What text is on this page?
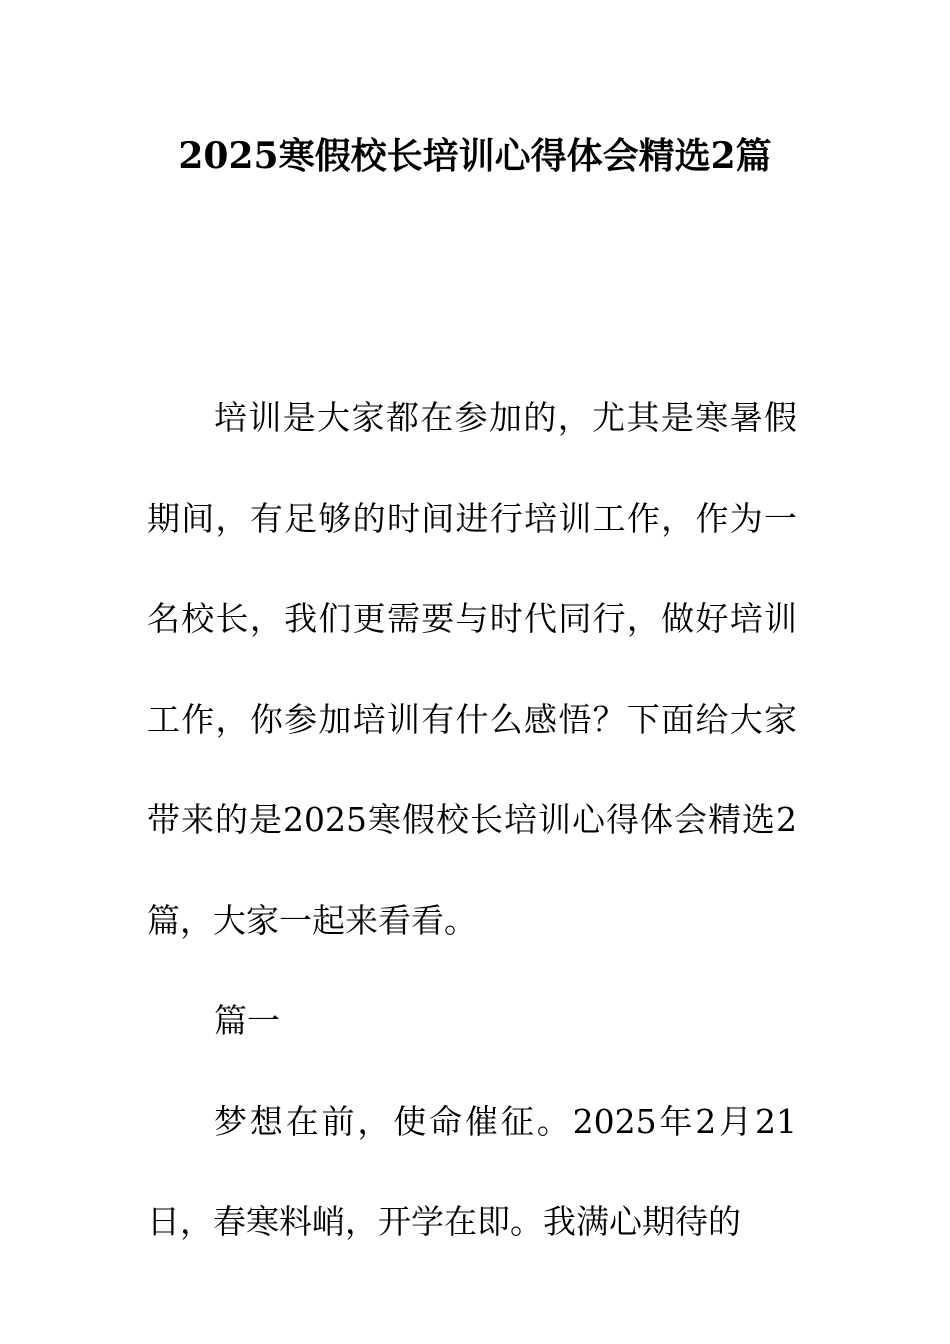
2025寒假校长培训心得体会精选2篇

培训是大家都在参加的，尤其是寒暑假期间，有足够的时间进行培训工作，作为一名校长，我们更需要与时代同行，做好培训工作，你参加培训有什么感悟？下面给大家带来的是2025寒假校长培训心得体会精选2篇，大家一起来看看。

篇一

梦想在前，使命催征。2025年2月21日，春寒料峭，开学在即。我满心期待的
